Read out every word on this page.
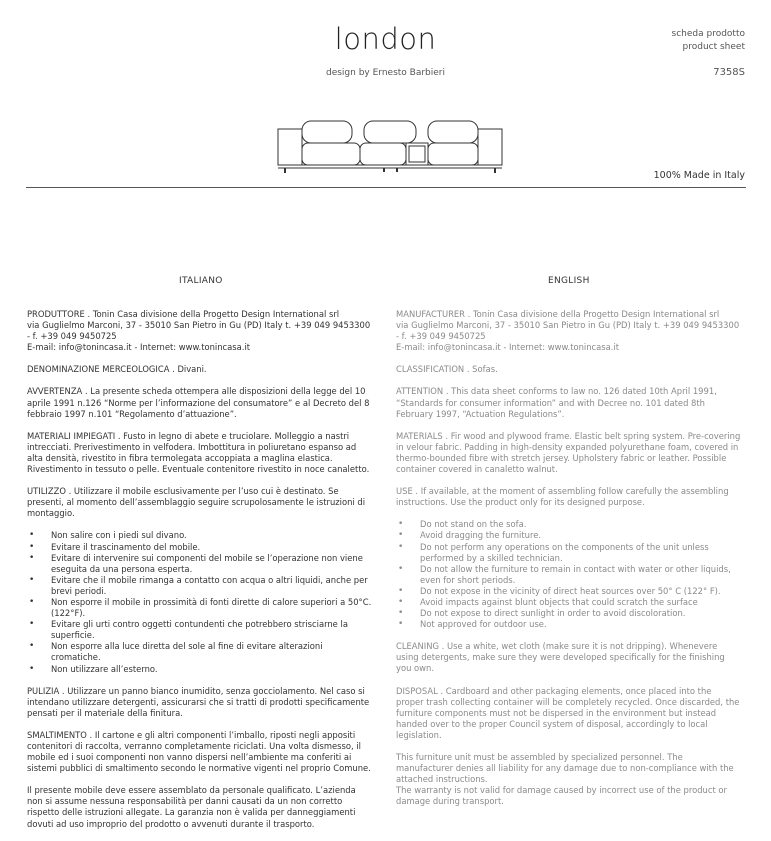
london
design by Ernesto Barbieri
scheda prodotto
product sheet
7358S
100% Made in Italy
ITALIANO	ENGLISH

PRODUTTORE . Tonin Casa divisione della Progetto Design International srl
via Guglielmo Marconi, 37 - 35010 San Pietro in Gu (PD) Italy t. +39 049 9453300 - f. +39 049 9450725
E-mail: info@tonincasa.it - Internet: www.tonincasa.it

DENOMINAZIONE MERCEOLOGICA . Divani.

AVVERTENZA . La presente scheda ottempera alle disposizioni della legge del 10 aprile 1991 n.126 “Norme per l’informazione del consumatore” e al Decreto del 8 febbraio 1997 n.101 “Regolamento d’attuazione”.

MATERIALI IMPIEGATI . Fusto in legno di abete e truciolare. Molleggio a nastri intrecciati. Prerivestimento in velfodera. Imbottitura in poliuretano espanso ad alta densità, rivestito in fibra termolegata accoppiata a maglina elastica. Rivestimento in tessuto o pelle. Eventuale contenitore rivestito in noce canaletto.

UTILIZZO . Utilizzare il mobile esclusivamente per l’uso cui è destinato. Se presenti, al momento dell’assemblaggio seguire scrupolosamente le istruzioni di montaggio.

• Non salire con i piedi sul divano.
• Evitare il trascinamento del mobile.
• Evitare di intervenire sui componenti del mobile se l’operazione non viene eseguita da una persona esperta.
• Evitare che il mobile rimanga a contatto con acqua o altri liquidi, anche per brevi periodi.
• Non esporre il mobile in prossimità di fonti dirette di calore superiori a 50°C. (122°F).
• Evitare gli urti contro oggetti contundenti che potrebbero strisciarne la superficie.
• Non esporre alla luce diretta del sole al fine di evitare alterazioni cromatiche.
• Non utilizzare all’esterno.

PULIZIA . Utilizzare un panno bianco inumidito, senza gocciolamento. Nel caso si intendano utilizzare detergenti, assicurarsi che si tratti di prodotti specificamente pensati per il materiale della finitura.

SMALTIMENTO . Il cartone e gli altri componenti l’imballo, riposti negli appositi contenitori di raccolta, verranno completamente riciclati. Una volta dismesso, il mobile ed i suoi componenti non vanno dispersi nell’ambiente ma conferiti ai sistemi pubblici di smaltimento secondo le normative vigenti nel proprio Comune.

Il presente mobile deve essere assemblato da personale qualificato. L’azienda non si assume nessuna responsabilità per danni causati da un non corretto rispetto delle istruzioni allegate. La garanzia non è valida per danneggiamenti dovuti ad uso improprio del prodotto o avvenuti durante il trasporto.

MANUFACTURER . Tonin Casa divisione della Progetto Design International srl
via Guglielmo Marconi, 37 - 35010 San Pietro in Gu (PD) Italy t. +39 049 9453300 - f. +39 049 9450725
E-mail: info@tonincasa.it - Internet: www.tonincasa.it

CLASSIFICATION . Sofas.

ATTENTION . This data sheet conforms to law no. 126 dated 10th April 1991, “Standards for consumer information” and with Decree no. 101 dated 8th February 1997, “Actuation Regulations”.

MATERIALS . Fir wood and plywood frame. Elastic belt spring system. Pre-covering in velour fabric. Padding in high-density expanded polyurethane foam, covered in thermo-bounded fibre with stretch jersey. Upholstery fabric or leather. Possible container covered in canaletto walnut.

USE . If available, at the moment of assembling follow carefully the assembling instructions. Use the product only for its designed purpose.

• Do not stand on the sofa.
• Avoid dragging the furniture.
• Do not perform any operations on the components of the unit unless performed by a skilled technician.
• Do not allow the furniture to remain in contact with water or other liquids, even for short periods.
• Do not expose in the vicinity of direct heat sources over 50° C (122° F).
• Avoid impacts against blunt objects that could scratch the surface
• Do not expose to direct sunlight in order to avoid discoloration.
• Not approved for outdoor use.

CLEANING . Use a white, wet cloth (make sure it is not dripping). Whenevere using detergents, make sure they were developed specifically for the finishing you own.

DISPOSAL . Cardboard and other packaging elements, once placed into the proper trash collecting container will be completely recycled. Once discarded, the furniture components must not be dispersed in the environment but instead handed over to the proper Council system of disposal, accordingly to local legislation.

This furniture unit must be assembled by specialized personnel. The manufacturer denies all liability for any damage due to non-compliance with the attached instructions.
The warranty is not valid for damage caused by incorrect use of the product or damage during transport.
